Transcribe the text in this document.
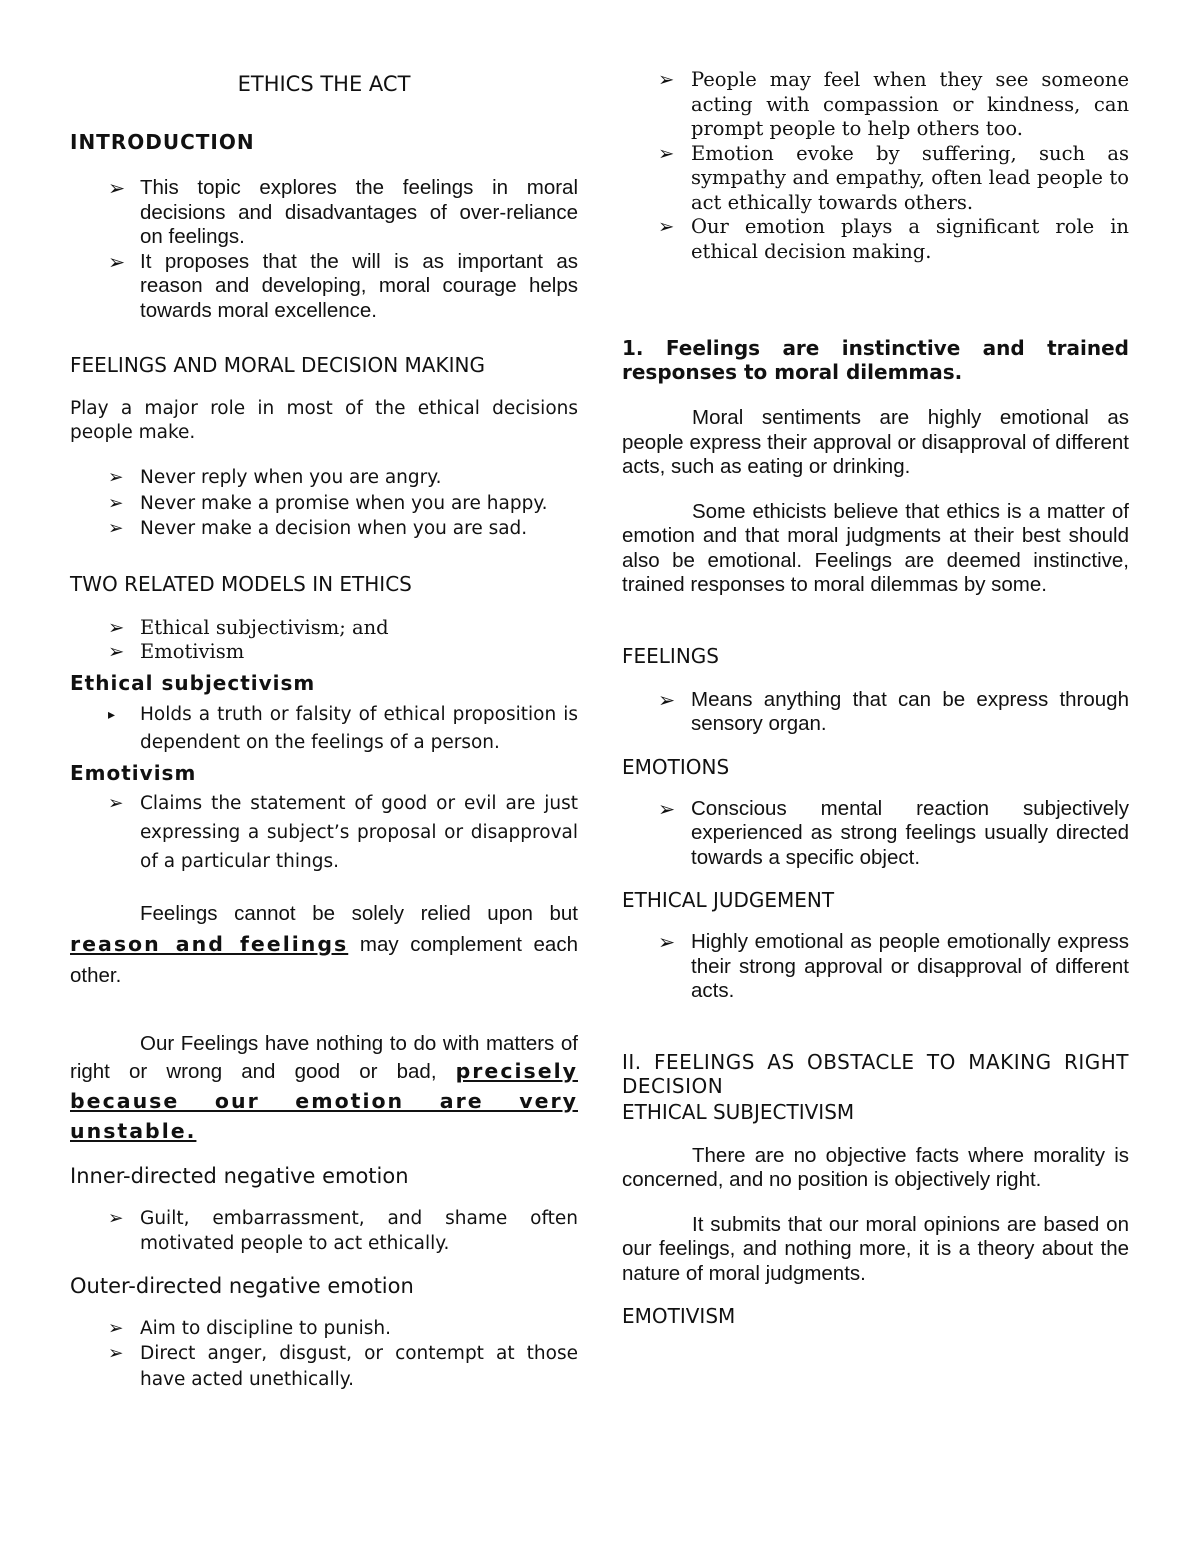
ETHICS THE ACT
INTRODUCTION
➢ This topic explores the feelings in moral decisions and disadvantages of over-reliance on feelings.
➢ It proposes that the will is as important as reason and developing, moral courage helps towards moral excellence.
FEELINGS AND MORAL DECISION MAKING

Play a major role in most of the ethical decisions people make.

➢ Never reply when you are angry.
➢ Never make a promise when you are happy.
➢ Never make a decision when you are sad.
TWO RELATED MODELS IN ETHICS
➢ Ethical subjectivism; and
➢ Emotivism
Ethical subjectivism
▸ Holds a truth or falsity of ethical proposition is dependent on the feelings of a person.
Emotivism
➢ Claims the statement of good or evil are just expressing a subject’s proposal or disapproval of a particular things.

Feelings cannot be solely relied upon but reason and feelings may complement each other.

Our Feelings have nothing to do with matters of right or wrong and good or bad, precisely because our emotion are very unstable.

Inner-directed negative emotion
➢ Guilt, embarrassment, and shame often motivated people to act ethically.
Outer-directed negative emotion
➢ Aim to discipline to punish.
➢ Direct anger, disgust, or contempt at those have acted unethically.
➢ People may feel when they see someone acting with compassion or kindness, can prompt people to help others too.
➢ Emotion evoke by suffering, such as sympathy and empathy, often lead people to act ethically towards others.
➢ Our emotion plays a significant role in ethical decision making.

1. Feelings are instinctive and trained responses to moral dilemmas.

Moral sentiments are highly emotional as people express their approval or disapproval of different acts, such as eating or drinking.

Some ethicists believe that ethics is a matter of emotion and that moral judgments at their best should also be emotional. Feelings are deemed instinctive, trained responses to moral dilemmas by some.

FEELINGS
➢ Means anything that can be express through sensory organ.
EMOTIONS
➢ Conscious mental reaction subjectively experienced as strong feelings usually directed towards a specific object.
ETHICAL JUDGEMENT
➢ Highly emotional as people emotionally express their strong approval or disapproval of different acts.

II. FEELINGS AS OBSTACLE TO MAKING RIGHT DECISION

ETHICAL SUBJECTIVISM

There are no objective facts where morality is concerned, and no position is objectively right.

It submits that our moral opinions are based on our feelings, and nothing more, it is a theory about the nature of moral judgments.

EMOTIVISM
